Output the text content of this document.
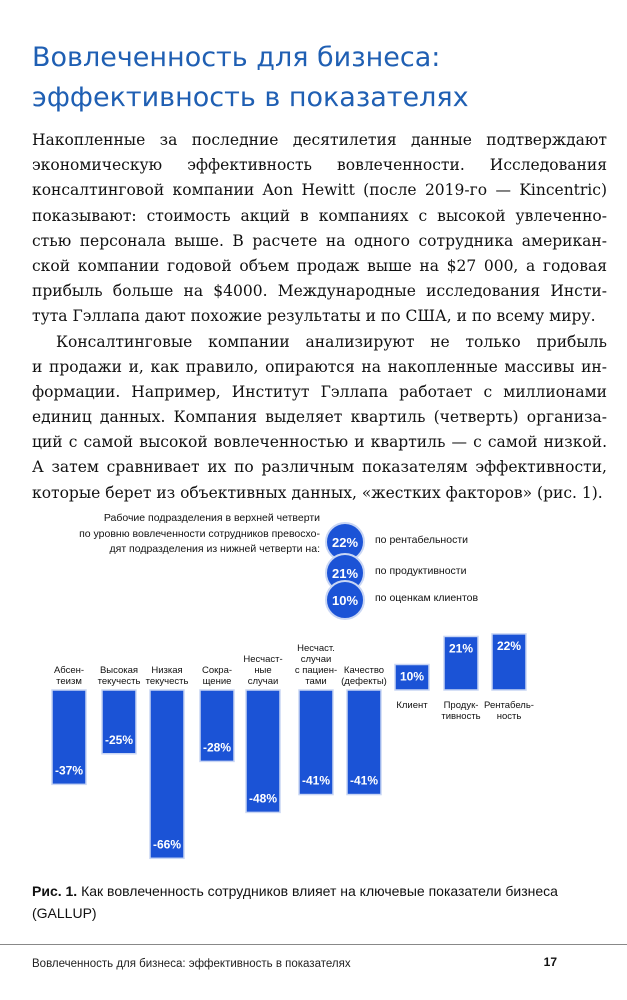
Вовлеченность для бизнеса:
эффективность в показателях
Накопленные за последние десятилетия данные подтверждают
экономическую эффективность вовлеченности. Исследования
консалтинговой компании Aon Hewitt (после 2019-го — Kincentric)
показывают: стоимость акций в компаниях с высокой увлеченно-
стью персонала выше. В расчете на одного сотрудника американ-
ской компании годовой объем продаж выше на $27 000, а годовая
прибыль больше на $4000. Международные исследования Инсти-
тута Гэллапа дают похожие результаты и по США, и по всему миру.
Консалтинговые компании анализируют не только прибыль
и продажи и, как правило, опираются на накопленные массивы ин-
формации. Например, Институт Гэллапа работает с миллионами
единиц данных. Компания выделяет квартиль (четверть) организа-
ций с самой высокой вовлеченностью и квартиль — с самой низкой.
А затем сравнивает их по различным показателям эффективности,
которые берет из объективных данных, «жестких факторов» (рис. 1).
Рабочие подразделения в верхней четверти
по уровню вовлеченности сотрудников превосхо-
дят подразделения из нижней четверти на: 22%	по рентабельности
21%	по продуктивности
10%	по оценкам клиентов
-37%
Абсен-теизм
-25%
Высокая текучесть
-66%
Низкая текучесть
-28%
Сокра-щение
-48%
Несчаст-ные случаи
-41%
Несчаст. случаи с пациен-тами
-41%
Качество (дефекты) 10%
Клиент
21%
Продук-тивность
22%
Рентабель-ность
Рис. 1. Как вовлеченность сотрудников влияет на ключевые показатели бизнеса (GALLUP)
Вовлеченность для бизнеса: эффективность в показателях	17
